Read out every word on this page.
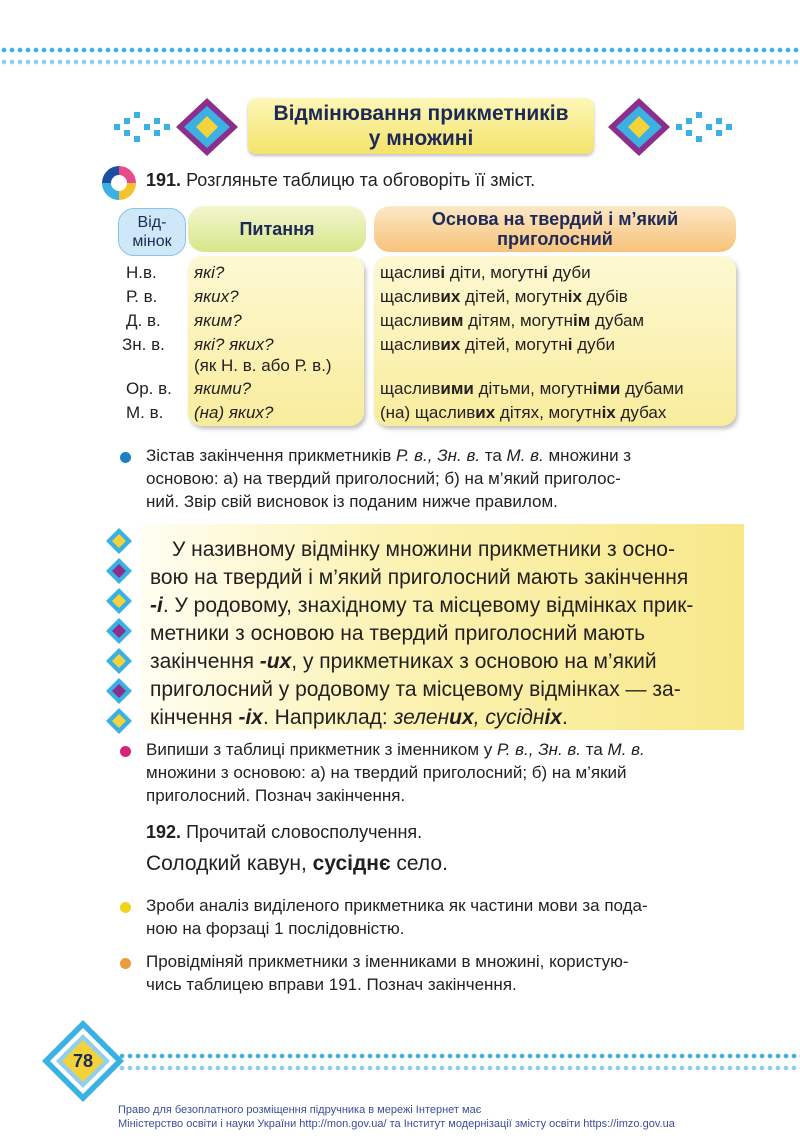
Відмінювання прикметників
у множині
191. Розгляньте таблицю та обговоріть її зміст.
Від-
мінок
Питання	Основа на твердий і м’який
приголосний
Н.в.
Р. в.
Д. в.
Зн. в.
Ор. в.
М. в.
які?
яких?
яким?
які? яких?
(як Н. в. або Р. в.)
якими?
(на) яких?
щасливі діти, могутні дуби
щасливих дітей, могутніх дубів
щасливим дітям, могутнім дубам
щасливих дітей, могутні дуби
щасливими дітьми, могутніми дубами
(на) щасливих дітях, могутніх дубах
Зістав закінчення прикметників Р. в., Зн. в. та М. в. множини з
основою: а) на твердий приголосний; б) на м’який приголос-
ний. Звір свій висновок із поданим нижче правилом.
У називному відмінку множини прикметники з осно-
вою на твердий і м’який приголосний мають закінчення
-і. У родовому, знахідному та місцевому відмінках прик-
метники з основою на твердий приголосний мають
закінчення -их, у прикметниках з основою на м’який
приголосний у родовому та місцевому відмінках — за-
кінчення -іх. Наприклад: зелених, сусідніх.
Випиши з таблиці прикметник з іменником у Р. в., Зн. в. та М. в.
множини з основою: а) на твердий приголосний; б) на м’який
приголосний. Познач закінчення.
192. Прочитай словосполучення.
Солодкий кавун, сусіднє село.
Зроби аналіз виділеного прикметника як частини мови за пода-
ною на форзаці 1 послідовністю.
Провідміняй прикметники з іменниками в множині, користую-
чись таблицею вправи 191. Познач закінчення.
78
Право для безоплатного розміщення підручника в мережі Інтернет має
Міністерство освіти і науки України http://mon.gov.ua/ та Інститут модернізації змісту освіти https://imzo.gov.ua
